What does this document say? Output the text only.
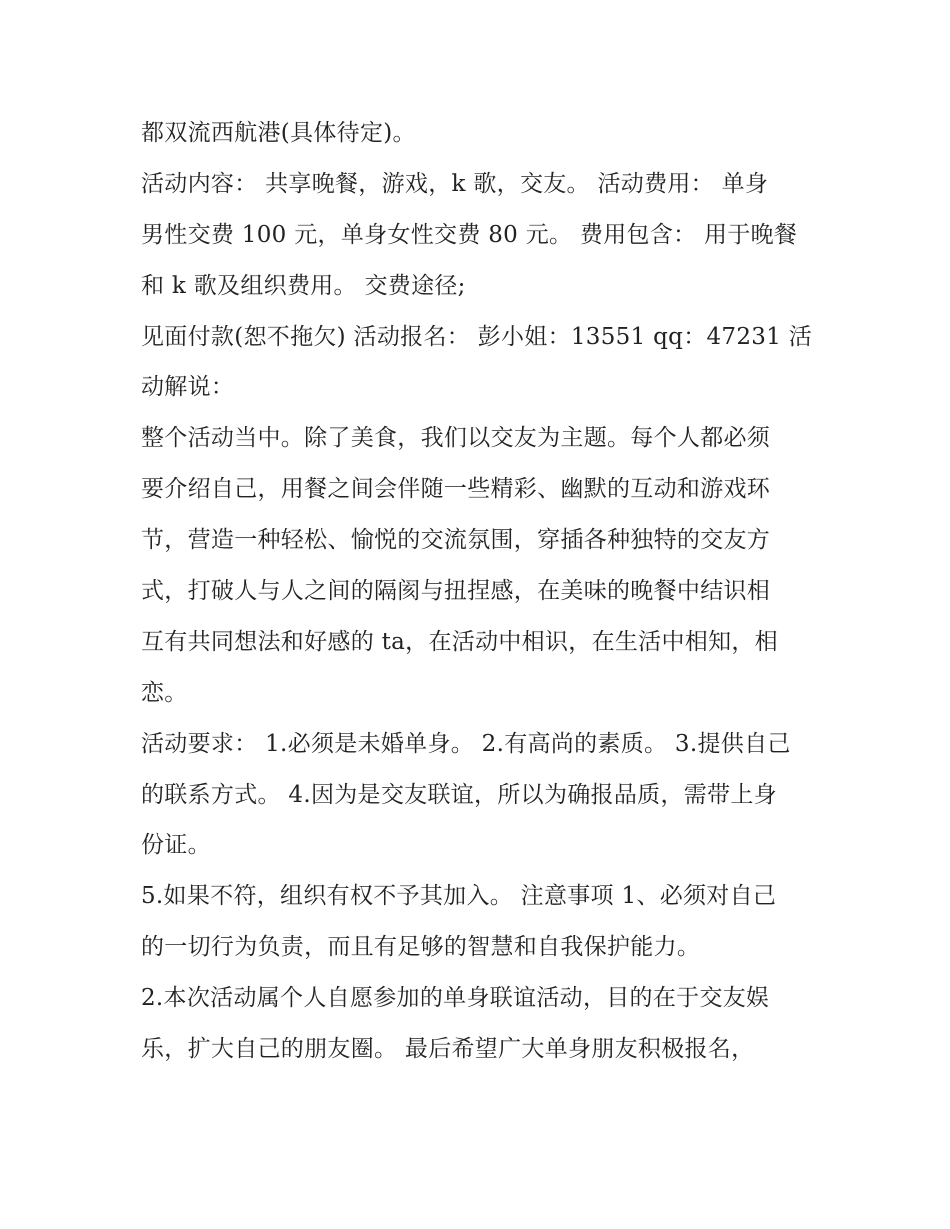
都双流西航港(具体待定)。
活动内容： 共享晚餐，游戏，k 歌，交友。 活动费用： 单身
男性交费 100 元，单身女性交费 80 元。 费用包含： 用于晚餐
和 k 歌及组织费用。 交费途径;
见面付款(恕不拖欠) 活动报名： 彭小姐：13551 qq：47231 活
动解说：
整个活动当中。除了美食，我们以交友为主题。每个人都必须
要介绍自己，用餐之间会伴随一些精彩、幽默的互动和游戏环
节，营造一种轻松、愉悦的交流氛围，穿插各种独特的交友方
式，打破人与人之间的隔阂与扭捏感，在美味的晚餐中结识相
互有共同想法和好感的 ta，在活动中相识，在生活中相知，相
恋。
活动要求： 1.必须是未婚单身。 2.有高尚的素质。 3.提供自己
的联系方式。 4.因为是交友联谊，所以为确报品质，需带上身
份证。
5.如果不符，组织有权不予其加入。 注意事项 1、必须对自己
的一切行为负责，而且有足够的智慧和自我保护能力。
2.本次活动属个人自愿参加的单身联谊活动，目的在于交友娱
乐，扩大自己的朋友圈。 最后希望广大单身朋友积极报名，
